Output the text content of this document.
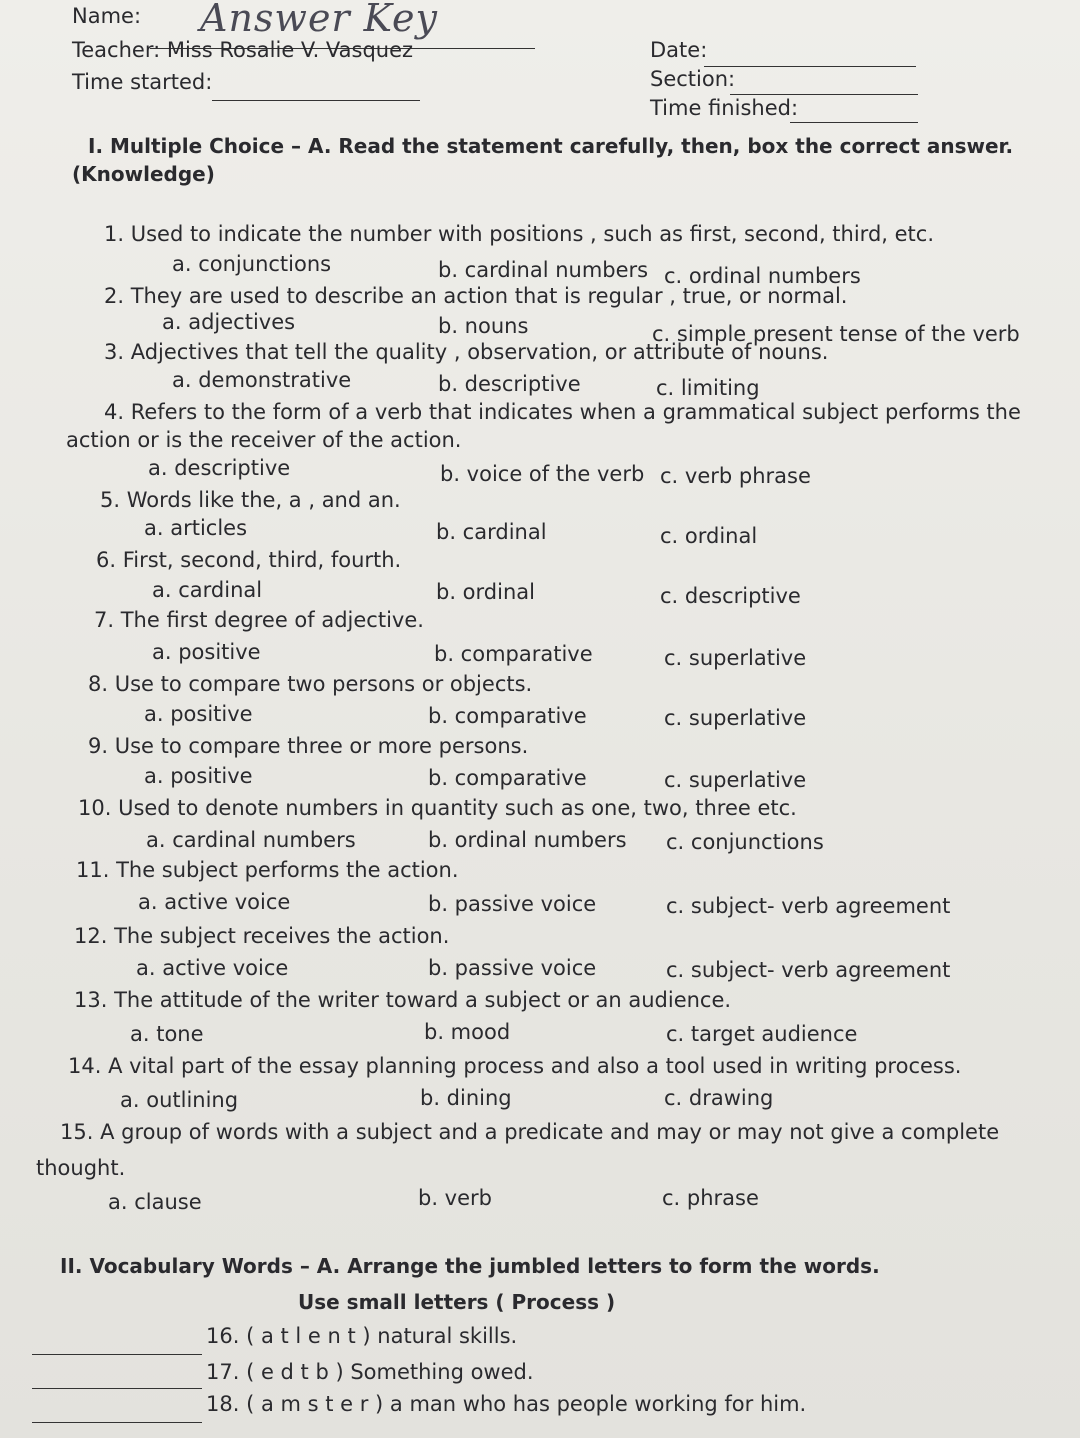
Name: Answer Key
Teacher: Miss Rosalie V. Vasquez
Time started:
Date:
Section:
Time finished:
I. Multiple Choice – A. Read the statement carefully, then, box the correct answer.
(Knowledge)
1. Used to indicate the number with positions , such as first, second, third, etc.
a. conjunctions	b. cardinal numbers c. ordinal numbers
2. They are used to describe an action that is regular , true, or normal.
a. adjectives	b. nouns	c. simple present tense of the verb
3. Adjectives that tell the quality , observation, or attribute of nouns.
a. demonstrative	b. descriptive	c. limiting
4. Refers to the form of a verb that indicates when a grammatical subject performs the
action or is the receiver of the action.
a. descriptive	b. voice of the verb c. verb phrase
5. Words like the, a , and an.
a. articles	b. cardinal	c. ordinal
6. First, second, third, fourth.
a. cardinal	b. ordinal	c. descriptive
7. The first degree of adjective.
a. positive	b. comparative	c. superlative
8. Use to compare two persons or objects.
a. positive	b. comparative	c. superlative
9. Use to compare three or more persons.
a. positive	b. comparative	c. superlative
10. Used to denote numbers in quantity such as one, two, three etc.
a. cardinal numbers	b. ordinal numbers c. conjunctions
11. The subject performs the action.
a. active voice	b. passive voice	c. subject- verb agreement
12. The subject receives the action.
a. active voice	b. passive voice	c. subject- verb agreement
13. The attitude of the writer toward a subject or an audience.
a. tone	b. mood	c. target audience
14. A vital part of the essay planning process and also a tool used in writing process.
a. outlining	b. dining	c. drawing
15. A group of words with a subject and a predicate and may or may not give a complete
thought.
a. clause	b. verb	c. phrase
II. Vocabulary Words – A. Arrange the jumbled letters to form the words.
Use small letters ( Process )
16. ( a t l e n t ) natural skills.
17. ( e d t b ) Something owed.
18. ( a m s t e r ) a man who has people working for him.
